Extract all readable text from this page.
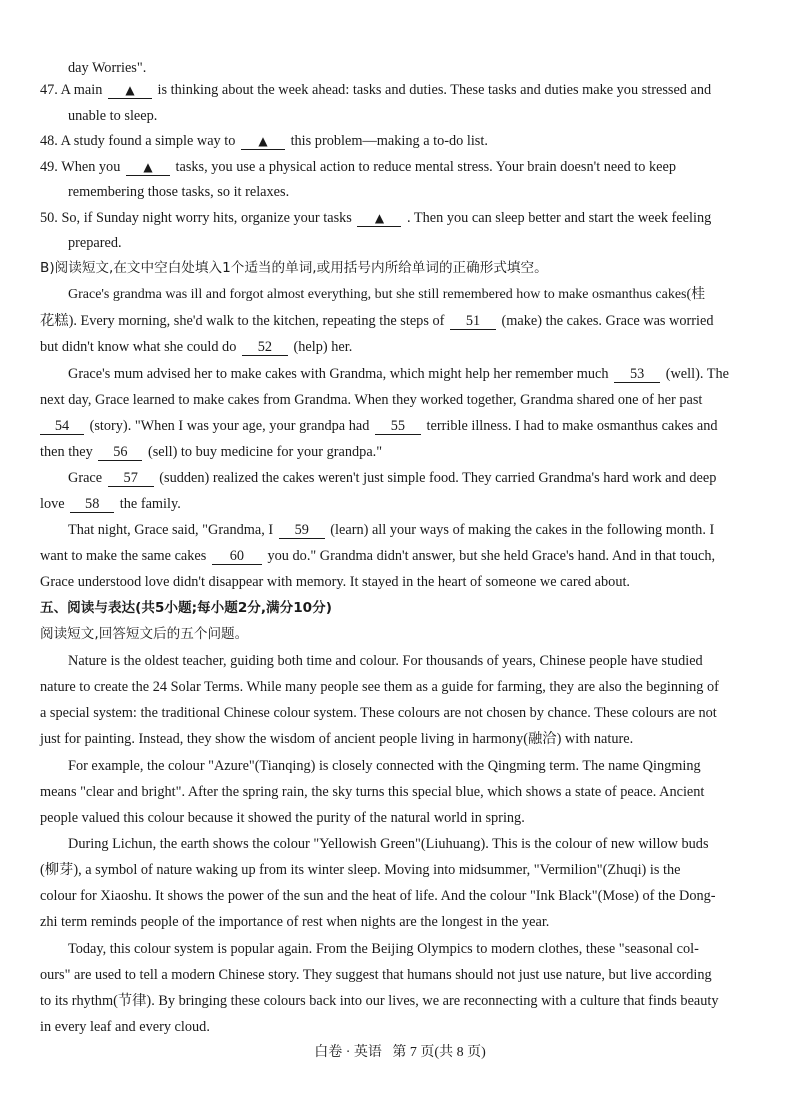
day Worries".
47. A main ▲ is thinking about the week ahead: tasks and duties. These tasks and duties make you stressed and
unable to sleep.
48. A study found a simple way to ▲ this problem—making a to-do list.
49. When you ▲ tasks, you use a physical action to reduce mental stress. Your brain doesn't need to keep
remembering those tasks, so it relaxes.
50. So, if Sunday night worry hits, organize your tasks ▲ . Then you can sleep better and start the week feeling
prepared.
B)阅读短文,在文中空白处填入1个适当的单词,或用括号内所给单词的正确形式填空。
Grace's grandma was ill and forgot almost everything, but she still remembered how to make osmanthus cakes(桂
花糕). Every morning, she'd walk to the kitchen, repeating the steps of 51 (make) the cakes. Grace was worried
but didn't know what she could do 52 (help) her.
Grace's mum advised her to make cakes with Grandma, which might help her remember much 53 (well). The
next day, Grace learned to make cakes from Grandma. When they worked together, Grandma shared one of her past
54 (story). "When I was your age, your grandpa had 55 terrible illness. I had to make osmanthus cakes and
then they 56 (sell) to buy medicine for your grandpa."
Grace 57 (sudden) realized the cakes weren't just simple food. They carried Grandma's hard work and deep
love 58 the family.
That night, Grace said, "Grandma, I 59 (learn) all your ways of making the cakes in the following month. I
want to make the same cakes 60 you do." Grandma didn't answer, but she held Grace's hand. And in that touch,
Grace understood love didn't disappear with memory. It stayed in the heart of someone we cared about.
五、阅读与表达(共5小题;每小题2分,满分10分)
阅读短文,回答短文后的五个问题。
Nature is the oldest teacher, guiding both time and colour. For thousands of years, Chinese people have studied
nature to create the 24 Solar Terms. While many people see them as a guide for farming, they are also the beginning of
a special system: the traditional Chinese colour system. These colours are not chosen by chance. These colours are not
just for painting. Instead, they show the wisdom of ancient people living in harmony(融洽) with nature.
For example, the colour "Azure"(Tianqing) is closely connected with the Qingming term. The name Qingming
means "clear and bright". After the spring rain, the sky turns this special blue, which shows a state of peace. Ancient
people valued this colour because it showed the purity of the natural world in spring.
During Lichun, the earth shows the colour "Yellowish Green"(Liuhuang). This is the colour of new willow buds
(柳芽), a symbol of nature waking up from its winter sleep. Moving into midsummer, "Vermilion"(Zhuqi) is the
colour for Xiaoshu. It shows the power of the sun and the heat of life. And the colour "Ink Black"(Mose) of the Dong-
zhi term reminds people of the importance of rest when nights are the longest in the year.
Today, this colour system is popular again. From the Beijing Olympics to modern clothes, these "seasonal col-
ours" are used to tell a modern Chinese story. They suggest that humans should not just use nature, but live according
to its rhythm(节律). By bringing these colours back into our lives, we are reconnecting with a culture that finds beauty
in every leaf and every cloud.
白卷 · 英语   第 7 页(共 8 页)
